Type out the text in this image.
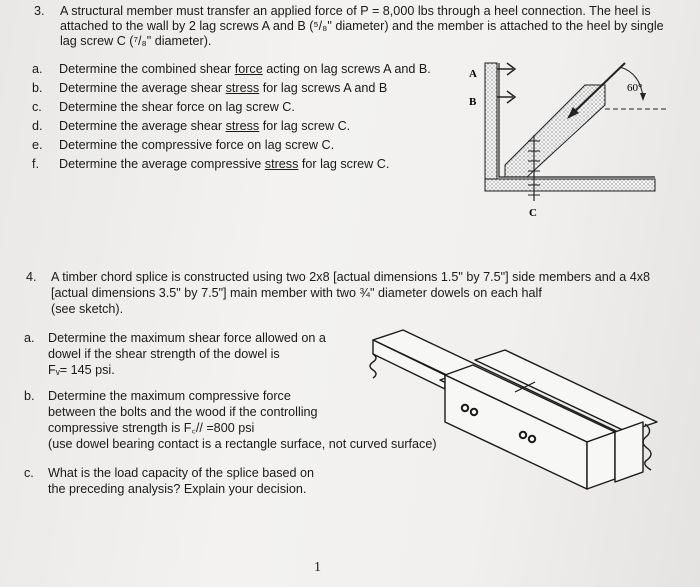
3. A structural member must transfer an applied force of P = 8,000 lbs through a heel connection. The heel is
attached to the wall by 2 lag screws A and B (⁵/₈" diameter) and the member is attached to the heel by single
lag screw C (⁷/₈" diameter).
a. Determine the combined shear force acting on lag screws A and B.
b. Determine the average shear stress for lag screws A and B
c.	Determine the shear force on lag screw C.
d. Determine the average shear stress for lag screw C.
e. Determine the compressive force on lag screw C.
f.	Determine the average compressive stress for lag screw C.
A
B
C
60°
4. A timber chord splice is constructed using two 2x8 [actual dimensions 1.5" by 7.5"] side members and a 4x8
[actual dimensions 3.5" by 7.5"] main member with two ¾" diameter dowels on each half
(see sketch).
a. Determine the maximum shear force allowed on a
dowel if the shear strength of the dowel is
Fᵥ= 145 psi.
b. Determine the maximum compressive force
between the bolts and the wood if the controlling
compressive strength is F꜀// =800 psi
(use dowel bearing contact is a rectangle surface, not curved surface)
c.	What is the load capacity of the splice based on
the preceding analysis? Explain your decision.
1
